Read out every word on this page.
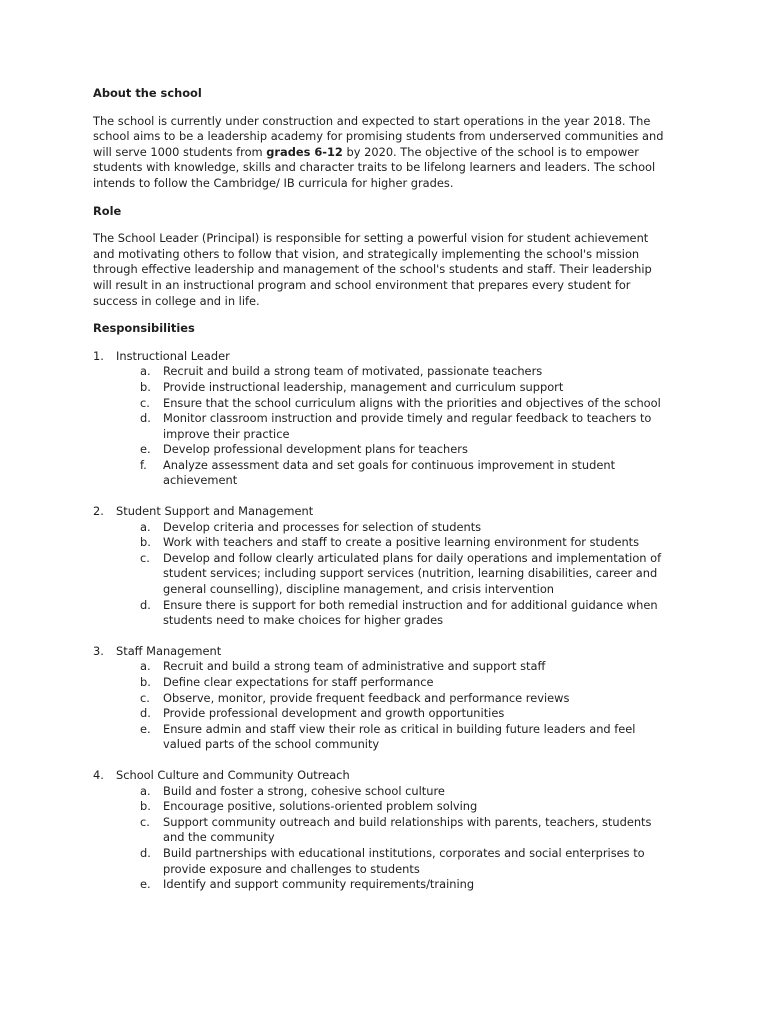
About the school

The school is currently under construction and expected to start operations in the year 2018. The school aims to be a leadership academy for promising students from underserved communities and will serve 1000 students from grades 6-12 by 2020. The objective of the school is to empower students with knowledge, skills and character traits to be lifelong learners and leaders. The school intends to follow the Cambridge/ IB curricula for higher grades.

Role

The School Leader (Principal) is responsible for setting a powerful vision for student achievement and motivating others to follow that vision, and strategically implementing the school's mission through effective leadership and management of the school's students and staff. Their leadership will result in an instructional program and school environment that prepares every student for success in college and in life.

Responsibilities
1.	Instructional Leader
a.	Recruit and build a strong team of motivated, passionate teachers
b.	Provide instructional leadership, management and curriculum support
c.	Ensure that the school curriculum aligns with the priorities and objectives of the school
d.	Monitor classroom instruction and provide timely and regular feedback to teachers to improve their practice
e.	Develop professional development plans for teachers
f.	Analyze assessment data and set goals for continuous improvement in student achievement
2.	Student Support and Management
a.	Develop criteria and processes for selection of students
b.	Work with teachers and staff to create a positive learning environment for students
c.	Develop and follow clearly articulated plans for daily operations and implementation of student services; including support services (nutrition, learning disabilities, career and general counselling), discipline management, and crisis intervention
d.	Ensure there is support for both remedial instruction and for additional guidance when students need to make choices for higher grades
3.	Staff Management
a.	Recruit and build a strong team of administrative and support staff
b.	Define clear expectations for staff performance
c.	Observe, monitor, provide frequent feedback and performance reviews
d.	Provide professional development and growth opportunities
e.	Ensure admin and staff view their role as critical in building future leaders and feel valued parts of the school community
4.	School Culture and Community Outreach
a.	Build and foster a strong, cohesive school culture
b.	Encourage positive, solutions-oriented problem solving
c.	Support community outreach and build relationships with parents, teachers, students and the community
d.	Build partnerships with educational institutions, corporates and social enterprises to provide exposure and challenges to students
e.	Identify and support community requirements/training
